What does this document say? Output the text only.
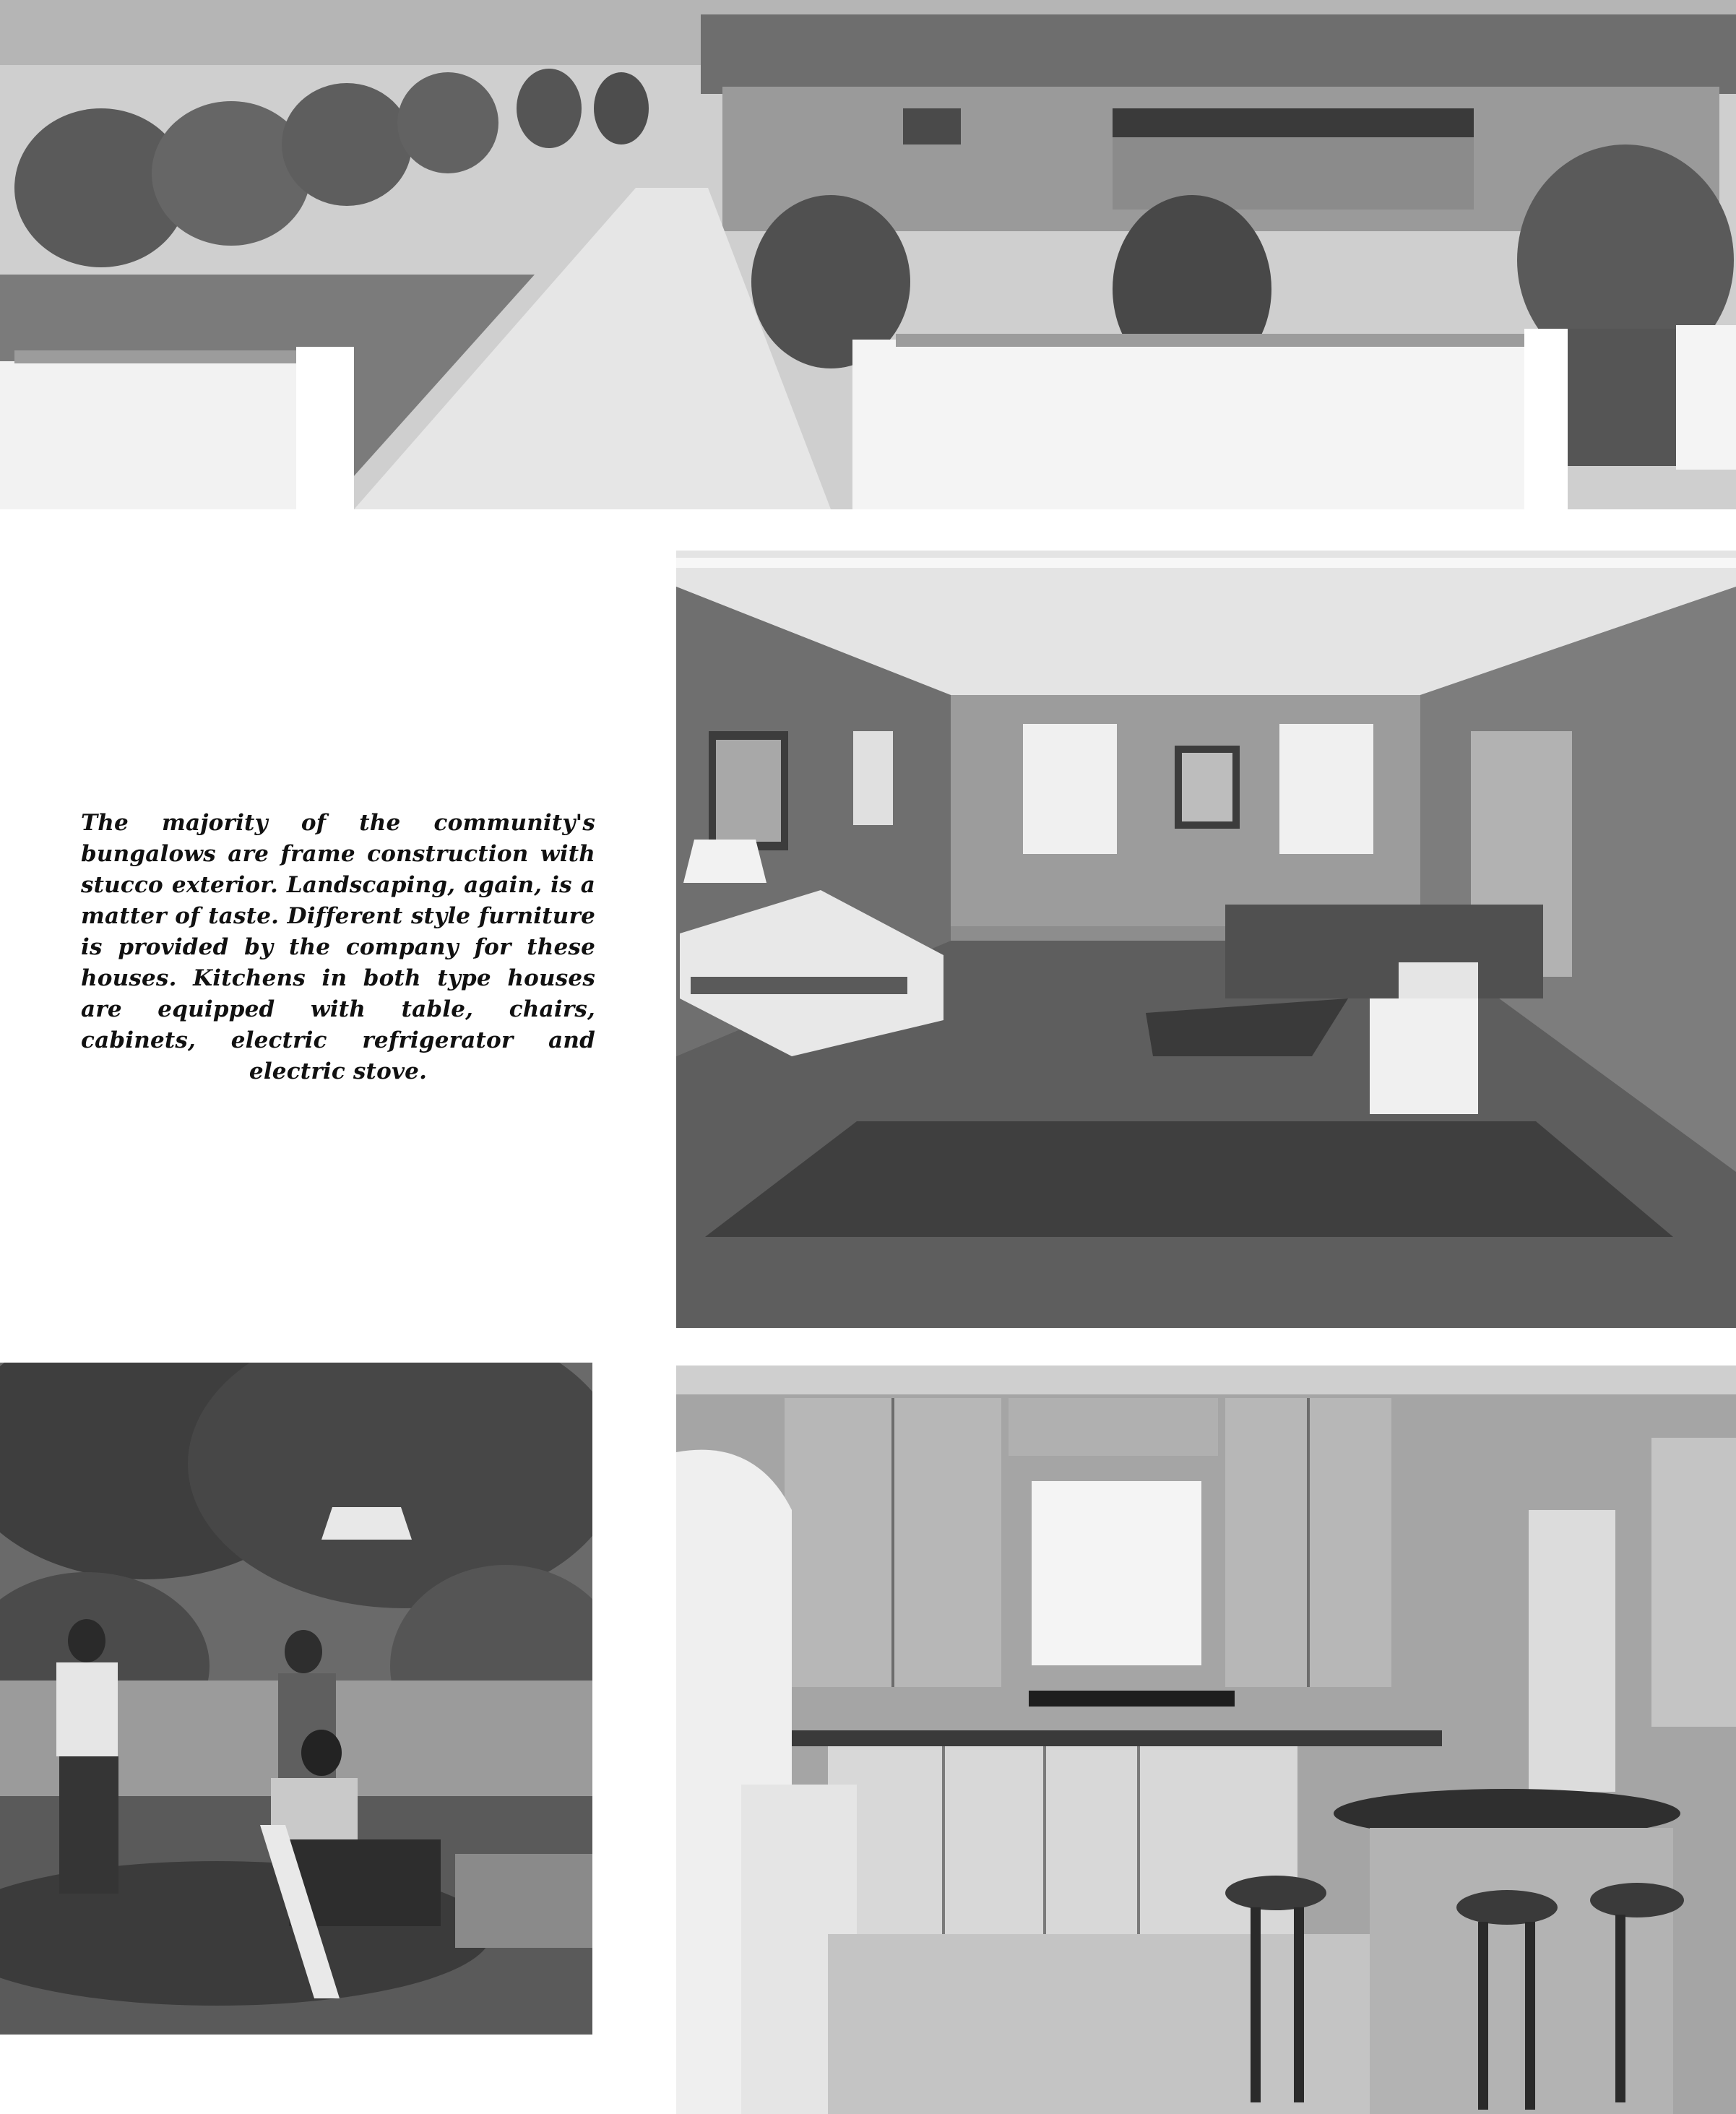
The majority of the community's bungalows are frame construction with stucco exterior. Landscaping, again, is a matter of taste. Different style furniture is provided by the company for these houses. Kitchens in both type houses are equipped with table, chairs, cabinets, electric refrigerator and electric stove.
